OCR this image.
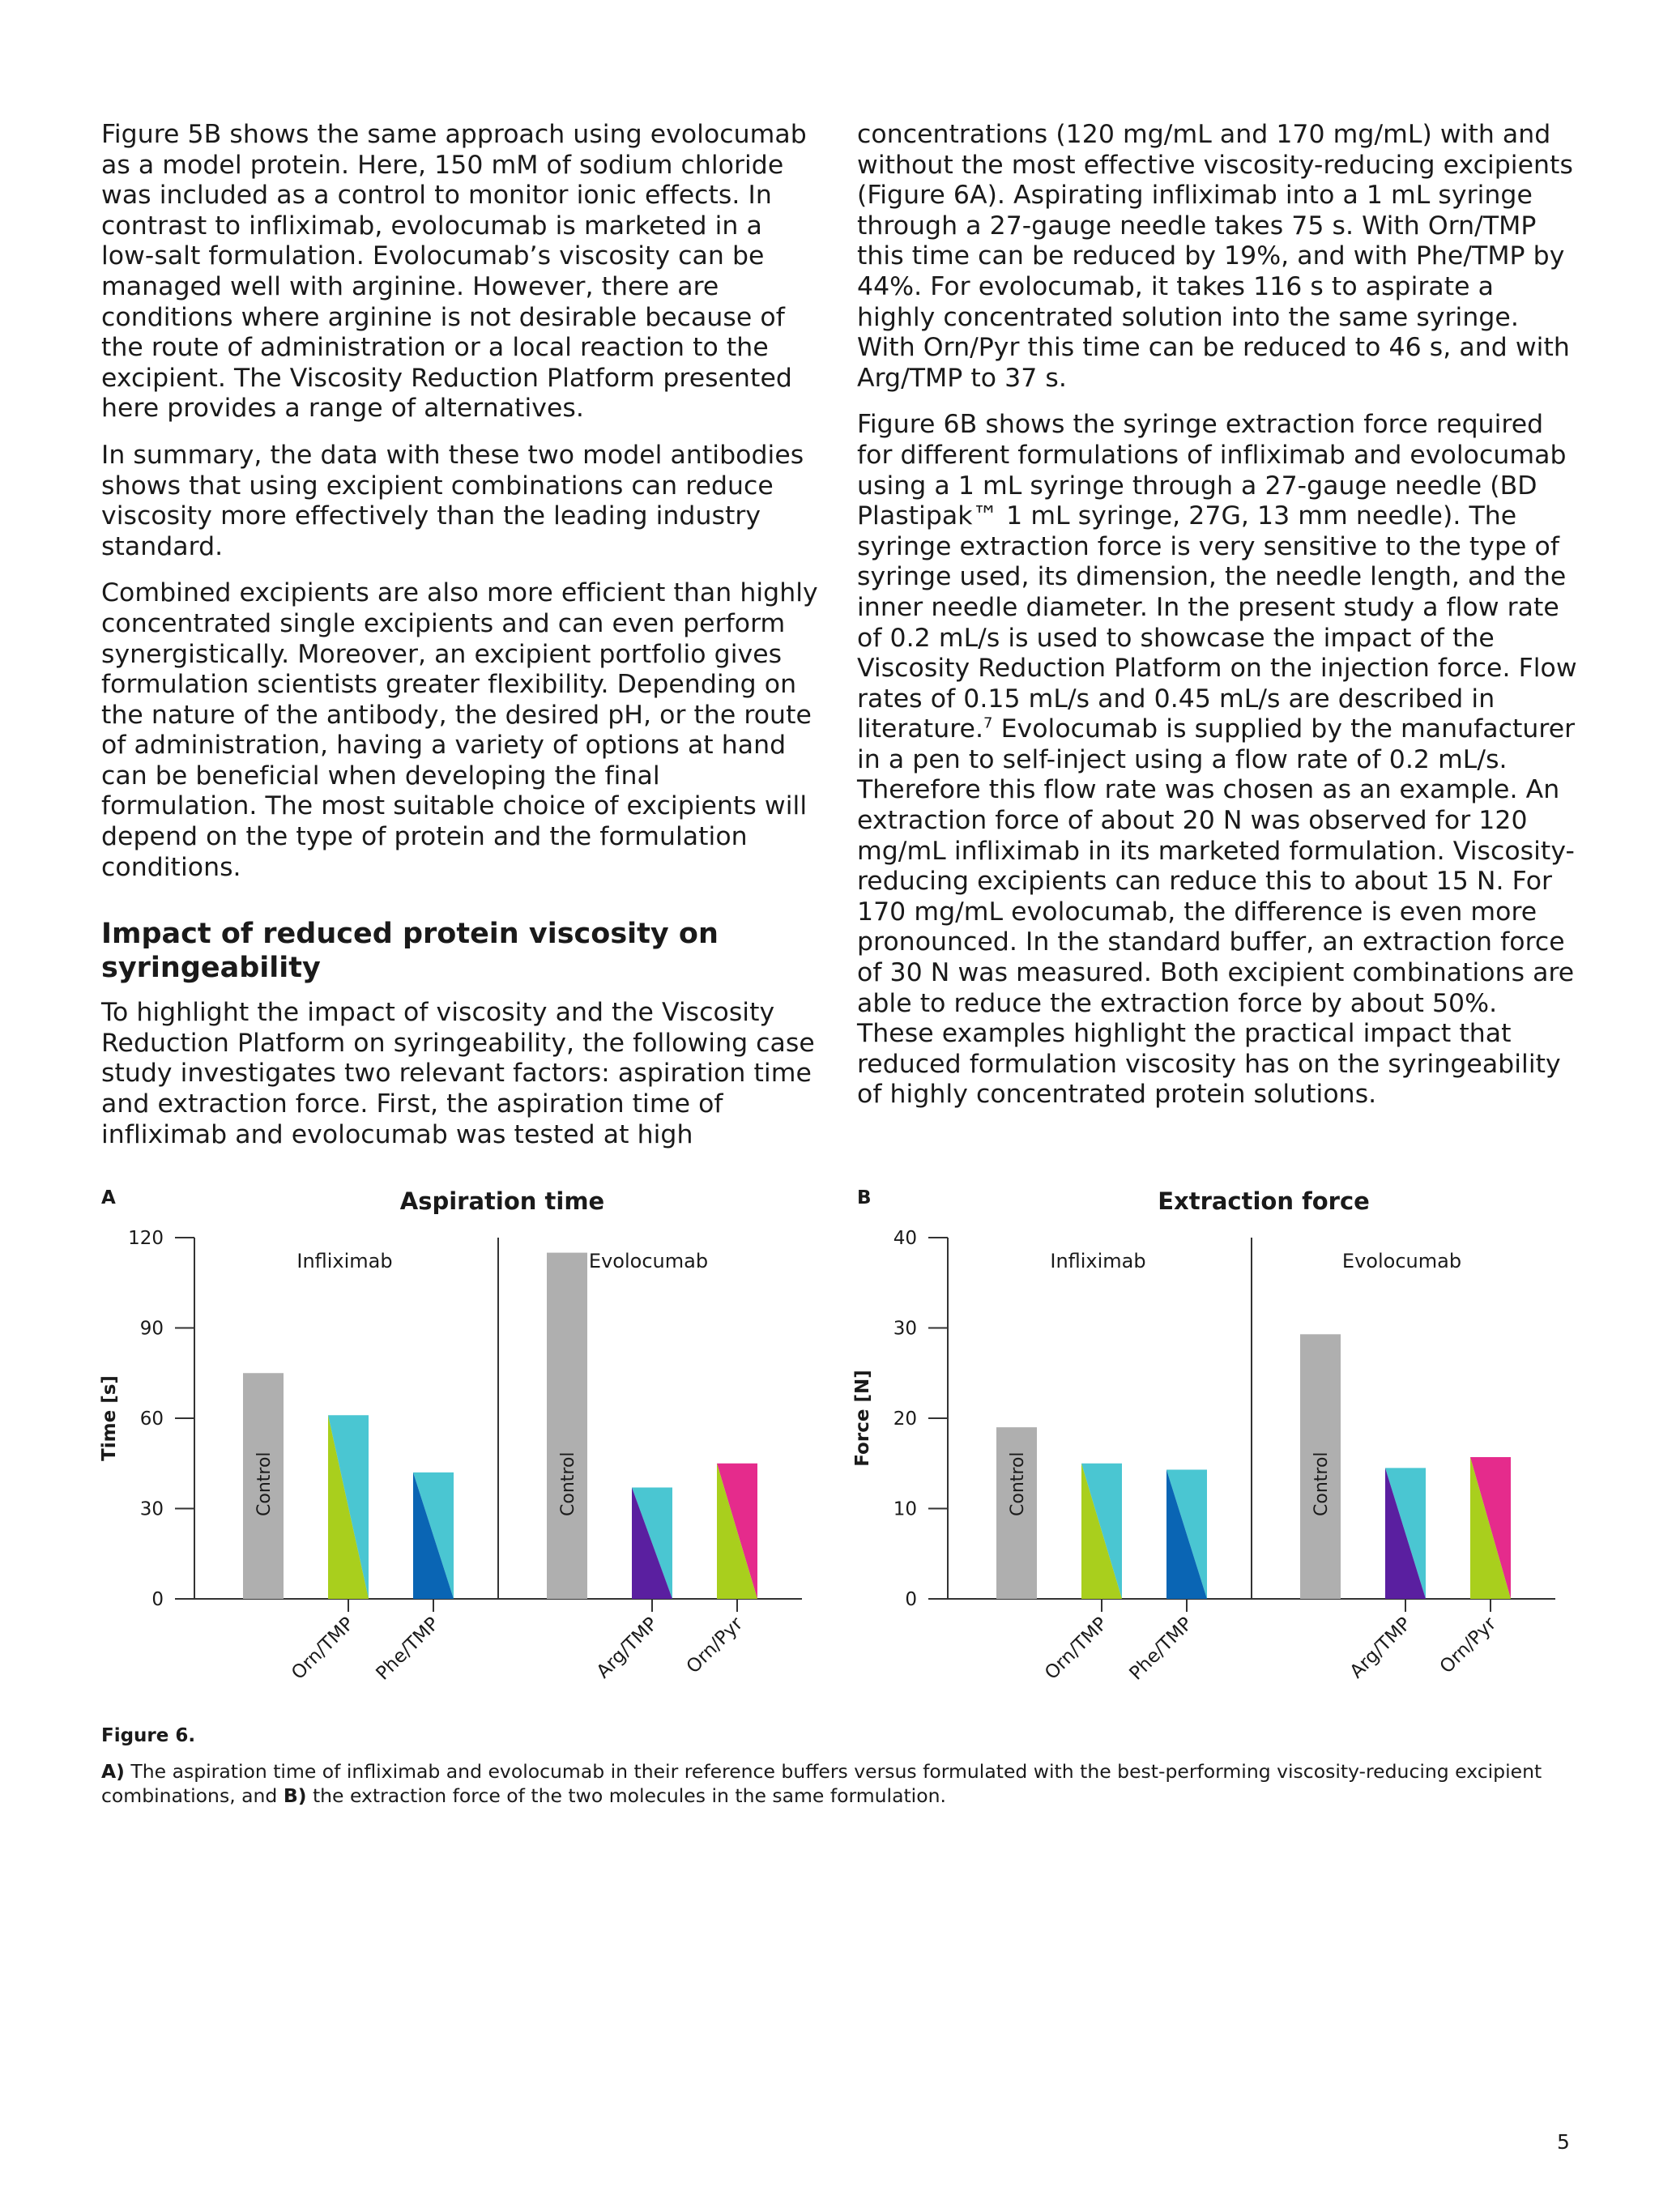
Figure 5B shows the same approach using evolocumab as a model protein. Here, 150 mM of sodium chloride was included as a control to monitor ionic effects. In contrast to infliximab, evolocumab is marketed in a low-salt formulation. Evolocumab’s viscosity can be managed well with arginine. However, there are conditions where arginine is not desirable because of the route of administration or a local reaction to the excipient. The Viscosity Reduction Platform presented here provides a range of alternatives.

In summary, the data with these two model antibodies shows that using excipient combinations can reduce viscosity more effectively than the leading industry standard.

Combined excipients are also more efficient than highly concentrated single excipients and can even perform synergistically. Moreover, an excipient portfolio gives formulation scientists greater flexibility. Depending on the nature of the antibody, the desired pH, or the route of administration, having a variety of options at hand can be beneficial when developing the final formulation. The most suitable choice of excipients will depend on the type of protein and the formulation conditions.

Impact of reduced protein viscosity on syringeability

To highlight the impact of viscosity and the Viscosity Reduction Platform on syringeability, the following case study investigates two relevant factors: aspiration time and extraction force. First, the aspiration time of infliximab and evolocumab was tested at high

concentrations (120 mg/mL and 170 mg/mL) with and without the most effective viscosity-reducing excipients (Figure 6A). Aspirating infliximab into a 1 mL syringe through a 27-gauge needle takes 75 s. With Orn/TMP this time can be reduced by 19%, and with Phe/TMP by 44%. For evolocumab, it takes 116 s to aspirate a highly concentrated solution into the same syringe. With Orn/Pyr this time can be reduced to 46 s, and with Arg/TMP to 37 s.

Figure 6B shows the syringe extraction force required for different formulations of infliximab and evolocumab using a 1 mL syringe through a 27-gauge needle (BD Plastipak™ 1 mL syringe, 27G, 13 mm needle). The syringe extraction force is very sensitive to the type of syringe used, its dimension, the needle length, and the inner needle diameter. In the present study a flow rate of 0.2 mL/s is used to showcase the impact of the Viscosity Reduction Platform on the injection force. Flow rates of 0.15 mL/s and 0.45 mL/s are described in literature.$^7$ Evolocumab is supplied by the manufacturer in a pen to self-inject using a flow rate of 0.2 mL/s. Therefore this flow rate was chosen as an example. An extraction force of about 20 N was observed for 120 mg/mL infliximab in its marketed formulation. Viscosity-reducing excipients can reduce this to about 15 N. For 170 mg/mL evolocumab, the difference is even more pronounced. In the standard buffer, an extraction force of 30 N was measured. Both excipient combinations are able to reduce the extraction force by about 50%. These examples highlight the practical impact that reduced formulation viscosity has on the syringeability of highly concentrated protein solutions.

A	Aspiration time
Time [s]
0
30
60
90
120
Infliximab
Control
Orn/TMP Phe/TMP
Evolocumab
Control
Arg/TMP Orn/Pyr
B	Extraction force
Force [N]
0
10
20
30
40
Infliximab
Control
Orn/TMP Phe/TMP
Evolocumab
Control
Arg/TMP Orn/Pyr
Figure 6.
A) The aspiration time of infliximab and evolocumab in their reference buffers versus formulated with the best-performing viscosity-reducing excipient combinations, and B) the extraction force of the two molecules in the same formulation.
5
